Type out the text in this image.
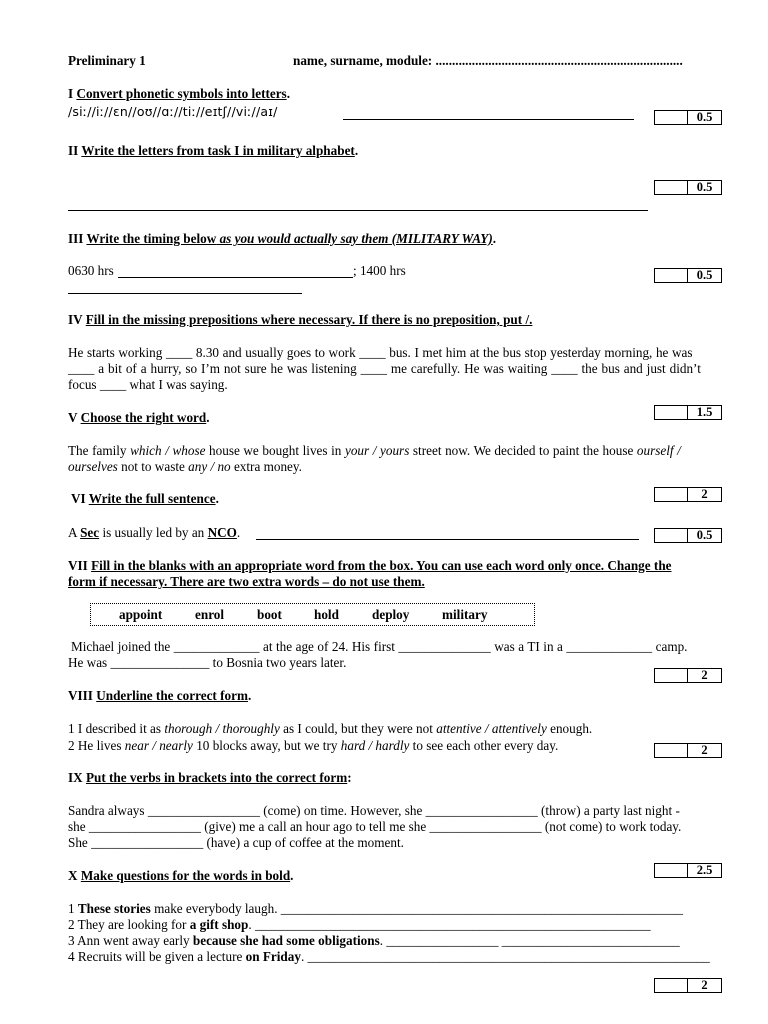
Preliminary 1	name, surname, module: ...........................................................................
I Convert phonetic symbols into letters.
/siː//iː//ɛn//oʊ//ɑː//tiː//eɪtʃ//viː//aɪ/	0.5
II Write the letters from task I in military alphabet.
0.5
III Write the timing below as you would actually say them (MILITARY WAY).
0630 hrs	; 1400 hrs	0.5
IV Fill in the missing prepositions where necessary. If there is no preposition, put /.
He starts working ____ 8.30 and usually goes to work ____ bus. I met him at the bus stop yesterday morning, he was
____ a bit of a hurry, so I’m not sure he was listening ____ me carefully. He was waiting ____ the bus and just didn’t
focus ____ what I was saying.
V Choose the right word.	1.5
The family which / whose house we bought lives in your / yours street now. We decided to paint the house ourself /
ourselves not to waste any / no extra money.
VI Write the full sentence.	2
A Sec is usually led by an NCO.	0.5
VII Fill in the blanks with an appropriate word from the box. You can use each word only once. Change the
form if necessary. There are two extra words – do not use them.
appoint enrol boot hold	deploy military
Michael joined the _____________ at the age of 24. His first ______________ was a TI in a _____________ camp.
He was _______________ to Bosnia two years later.
2
VIII Underline the correct form.
1 I described it as thorough / thoroughly as I could, but they were not attentive / attentively enough.
2 He lives near / nearly 10 blocks away, but we try hard / hardly to see each other every day.	2
IX Put the verbs in brackets into the correct form:
Sandra always _________________ (come) on time. However, she _________________ (throw) a party last night -
she _________________ (give) me a call an hour ago to tell me she _________________ (not come) to work today.
She _________________ (have) a cup of coffee at the moment.
2.5
X Make questions for the words in bold.
1 These stories make everybody laugh. _____________________________________________________________
2 They are looking for a gift shop. ____________________________________________________________
3 Ann went away early because she had some obligations. _________________ ___________________________
4 Recruits will be given a lecture on Friday. _____________________________________________________________
2
